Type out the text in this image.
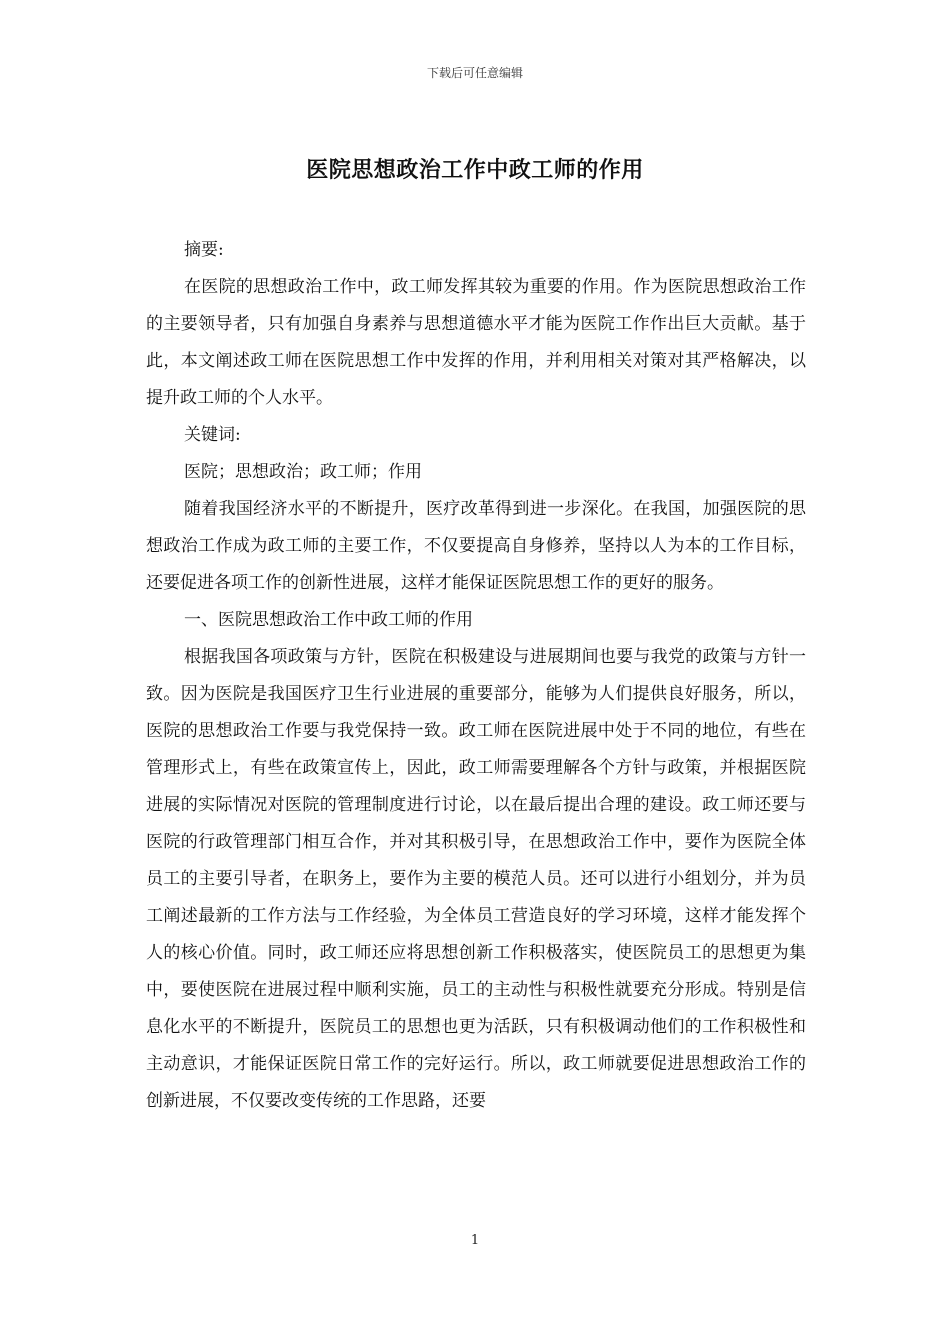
下载后可任意编辑
医院思想政治工作中政工师的作用

摘要:

在医院的思想政治工作中，政工师发挥其较为重要的作用。作为医院思想政治工作的主要领导者，只有加强自身素养与思想道德水平才能为医院工作作出巨大贡献。基于此，本文阐述政工师在医院思想工作中发挥的作用，并利用相关对策对其严格解决，以提升政工师的个人水平。

关键词:

医院；思想政治；政工师；作用

随着我国经济水平的不断提升，医疗改革得到进一步深化。在我国，加强医院的思想政治工作成为政工师的主要工作，不仅要提高自身修养，坚持以人为本的工作目标，还要促进各项工作的创新性进展，这样才能保证医院思想工作的更好的服务。

一、医院思想政治工作中政工师的作用

根据我国各项政策与方针，医院在积极建设与进展期间也要与我党的政策与方针一致。因为医院是我国医疗卫生行业进展的重要部分，能够为人们提供良好服务，所以，医院的思想政治工作要与我党保持一致。政工师在医院进展中处于不同的地位，有些在管理形式上，有些在政策宣传上，因此，政工师需要理解各个方针与政策，并根据医院进展的实际情况对医院的管理制度进行讨论，以在最后提出合理的建设。政工师还要与医院的行政管理部门相互合作，并对其积极引导，在思想政治工作中，要作为医院全体员工的主要引导者，在职务上，要作为主要的模范人员。还可以进行小组划分，并为员工阐述最新的工作方法与工作经验，为全体员工营造良好的学习环境，这样才能发挥个人的核心价值。同时，政工师还应将思想创新工作积极落实，使医院员工的思想更为集中，要使医院在进展过程中顺利实施，员工的主动性与积极性就要充分形成。特别是信息化水平的不断提升，医院员工的思想也更为活跃，只有积极调动他们的工作积极性和主动意识，才能保证医院日常工作的完好运行。所以，政工师就要促进思想政治工作的创新进展，不仅要改变传统的工作思路，还要

1
